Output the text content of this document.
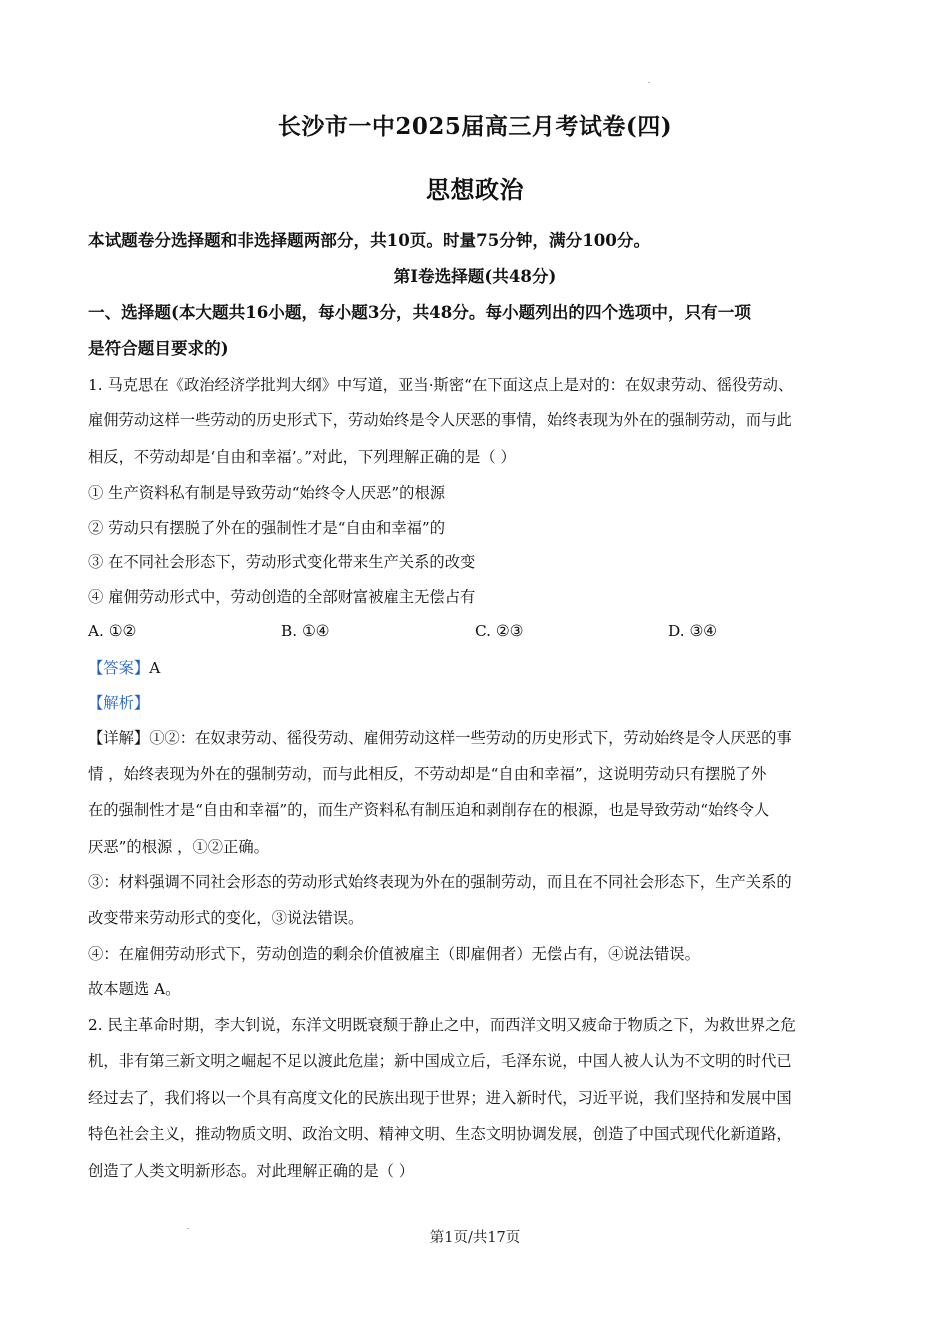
长沙市一中2025届高三月考试卷(四)
思想政治
本试题卷分选择题和非选择题两部分，共10页。时量75分钟，满分100分。
第Ⅰ卷选择题(共48分)
一、选择题(本大题共16小题，每小题3分，共48分。每小题列出的四个选项中，只有一项
是符合题目要求的)
1. 马克思在《政治经济学批判大纲》中写道，亚当·斯密“在下面这点上是对的：在奴隶劳动、徭役劳动、
雇佣劳动这样一些劳动的历史形式下，劳动始终是令人厌恶的事情，始终表现为外在的强制劳动，而与此
相反，不劳动却是‘自由和幸福’。”对此，下列理解正确的是（ ）
① 生产资料私有制是导致劳动“始终令人厌恶”的根源
② 劳动只有摆脱了外在的强制性才是“自由和幸福”的
③ 在不同社会形态下，劳动形式变化带来生产关系的改变
④ 雇佣劳动形式中，劳动创造的全部财富被雇主无偿占有
A. ①②	B. ①④	C. ②③	D. ③④
【答案】A
【解析】
【详解】①②：在奴隶劳动、徭役劳动、雇佣劳动这样一些劳动的历史形式下，劳动始终是令人厌恶的事
情 ，始终表现为外在的强制劳动，而与此相反，不劳动却是“自由和幸福”，这说明劳动只有摆脱了外
在的强制性才是“自由和幸福”的，而生产资料私有制压迫和剥削存在的根源，也是导致劳动“始终令人
厌恶”的根源 ，①②正确。
③：材料强调不同社会形态的劳动形式始终表现为外在的强制劳动，而且在不同社会形态下，生产关系的
改变带来劳动形式的变化，③说法错误。
④：在雇佣劳动形式下，劳动创造的剩余价值被雇主（即雇佣者）无偿占有，④说法错误。
故本题选 A。
2. 民主革命时期，李大钊说，东洋文明既衰颓于静止之中，而西洋文明又疲命于物质之下，为救世界之危
机，非有第三新文明之崛起不足以渡此危崖；新中国成立后，毛泽东说，中国人被人认为不文明的时代已
经过去了，我们将以一个具有高度文化的民族出现于世界；进入新时代，习近平说，我们坚持和发展中国
特色社会主义，推动物质文明、政治文明、精神文明、生态文明协调发展，创造了中国式现代化新道路，
创造了人类文明新形态。对此理解正确的是（ ）
第1页/共17页
